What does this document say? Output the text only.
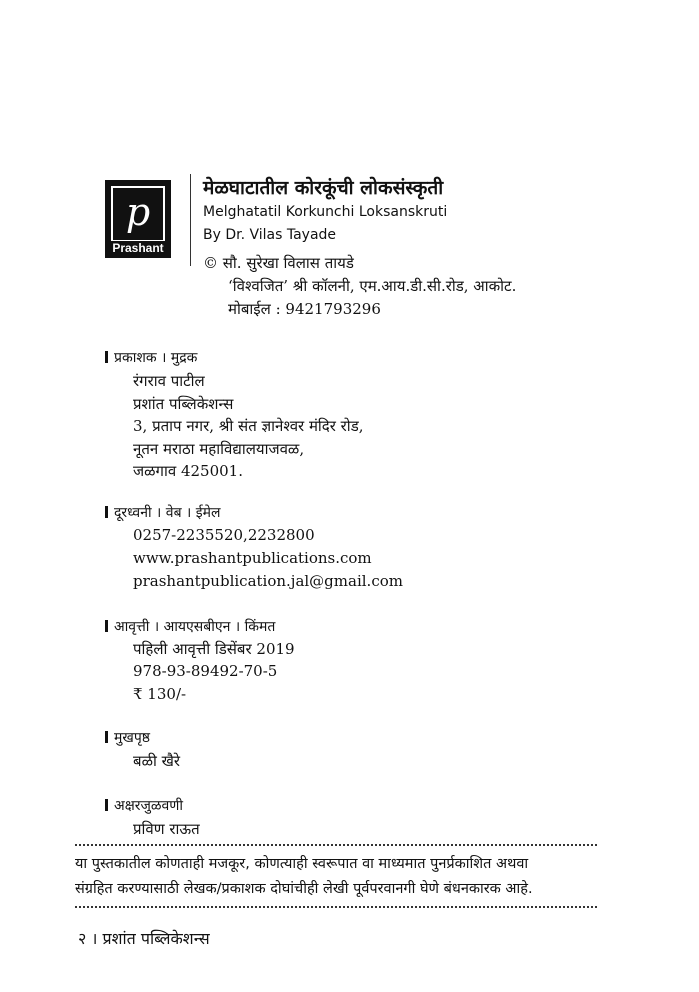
p
Prashant
मेळघाटातील कोरकूंची लोकसंस्कृती
Melghatatil Korkunchi Loksanskruti
By Dr. Vilas Tayade
© सौ. सुरेखा विलास तायडे
‘विश्वजित’ श्री कॉलनी, एम.आय.डी.सी.रोड, आकोट.
मोबाईल : 9421793296
प्रकाशक । मुद्रक
रंगराव पाटील
प्रशांत पब्लिकेशन्स
3, प्रताप नगर, श्री संत ज्ञानेश्वर मंदिर रोड,
नूतन मराठा महाविद्यालयाजवळ,
जळगाव 425001.
दूरध्वनी । वेब । ईमेल
0257-2235520,2232800
www.prashantpublications.com
prashantpublication.jal@gmail.com
आवृत्ती । आयएसबीएन । किंमत
पहिली आवृत्ती डिसेंबर 2019
978-93-89492-70-5
₹ 130/-
मुखपृष्ठ
बळी खैरे
अक्षरजुळवणी
प्रविण राऊत
या पुस्तकातील कोणताही मजकूर, कोणत्याही स्वरूपात वा माध्यमात पुनर्प्रकाशित अथवा
संग्रहित करण्यासाठी लेखक/प्रकाशक दोघांचीही लेखी पूर्वपरवानगी घेणे बंधनकारक आहे.
२ । प्रशांत पब्लिकेशन्स
